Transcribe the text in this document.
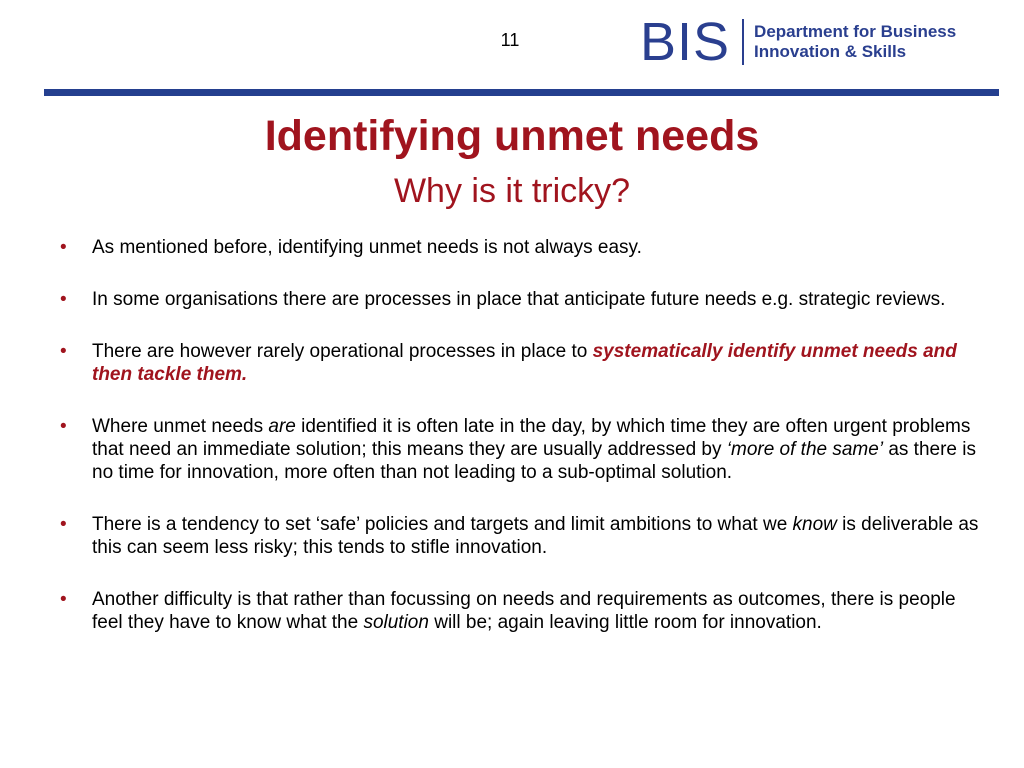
11	BIS Department for Business
Innovation & Skills
Identifying unmet needs
Why is it tricky?
• As mentioned before, identifying unmet needs is not always easy.
• In some organisations there are processes in place that anticipate future needs e.g. strategic reviews.
• There are however rarely operational processes in place to systematically identify unmet needs and then tackle them.
• Where unmet needs are identified it is often late in the day, by which time they are often urgent problems that need an immediate solution; this means they are usually addressed by ‘more of the same’ as there is no time for innovation, more often than not leading to a sub-optimal solution.
• There is a tendency to set ‘safe’ policies and targets and limit ambitions to what we know is deliverable as this can seem less risky; this tends to stifle innovation.
• Another difficulty is that rather than focussing on needs and requirements as outcomes, there is people feel they have to know what the solution will be; again leaving little room for innovation.
